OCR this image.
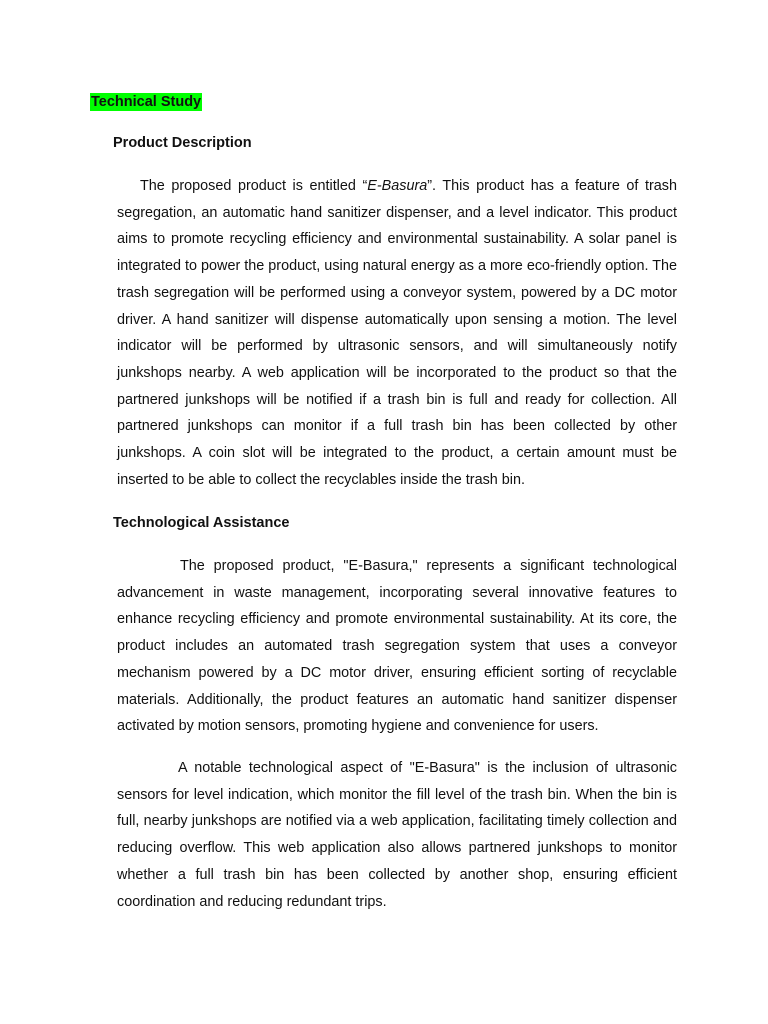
Technical Study
Product Description

The proposed product is entitled “E-Basura”. This product has a feature of trash segregation, an automatic hand sanitizer dispenser, and a level indicator. This product aims to promote recycling efficiency and environmental sustainability. A solar panel is integrated to power the product, using natural energy as a more eco-friendly option. The trash segregation will be performed using a conveyor system, powered by a DC motor driver. A hand sanitizer will dispense automatically upon sensing a motion. The level indicator will be performed by ultrasonic sensors, and will simultaneously notify junkshops nearby. A web application will be incorporated to the product so that the partnered junkshops will be notified if a trash bin is full and ready for collection. All partnered junkshops can monitor if a full trash bin has been collected by other junkshops. A coin slot will be integrated to the product, a certain amount must be inserted to be able to collect the recyclables inside the trash bin.

Technological Assistance

The proposed product, "E-Basura," represents a significant technological advancement in waste management, incorporating several innovative features to enhance recycling efficiency and promote environmental sustainability. At its core, the product includes an automated trash segregation system that uses a conveyor mechanism powered by a DC motor driver, ensuring efficient sorting of recyclable materials. Additionally, the product features an automatic hand sanitizer dispenser activated by motion sensors, promoting hygiene and convenience for users.

A notable technological aspect of "E-Basura" is the inclusion of ultrasonic sensors for level indication, which monitor the fill level of the trash bin. When the bin is full, nearby junkshops are notified via a web application, facilitating timely collection and reducing overflow. This web application also allows partnered junkshops to monitor whether a full trash bin has been collected by another shop, ensuring efficient coordination and reducing redundant trips.
